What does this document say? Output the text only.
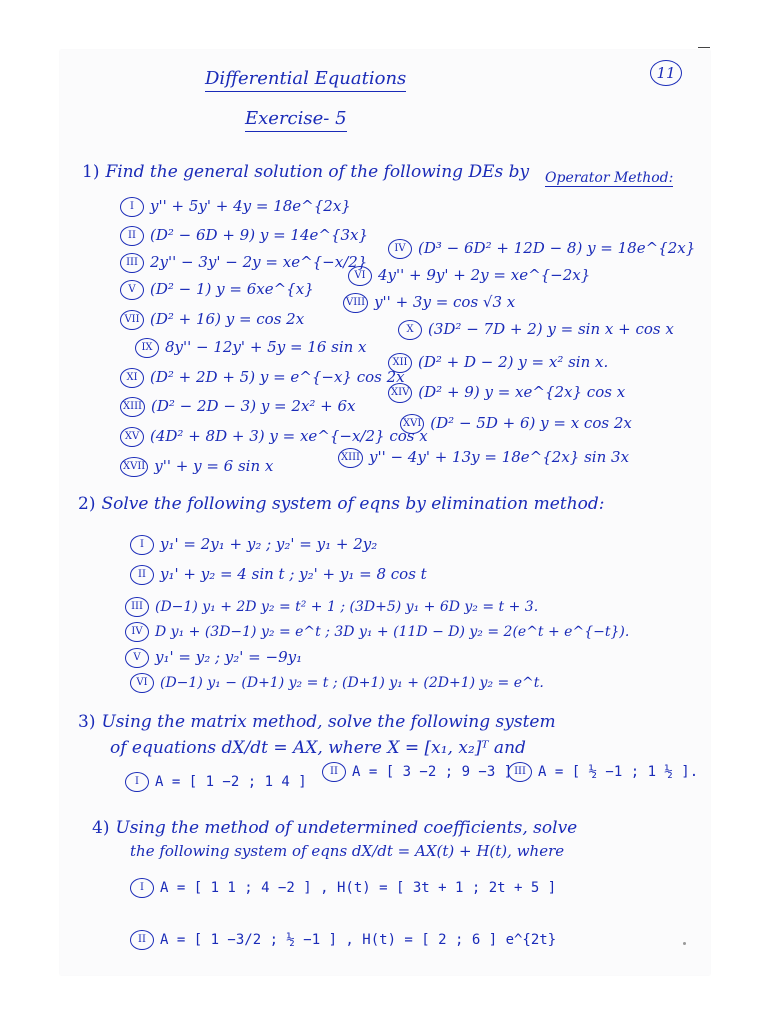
11
Differential Equations
Exercise- 5
1) Find the general solution of the following DEs by Operator Method:
I y'' + 5y' + 4y = 18e^{2x}
II (D² − 6D + 9) y = 14e^{3x}
III 2y'' − 3y' − 2y = xe^{−x/2}
IV (D³ − 6D² + 12D − 8) y = 18e^{2x}
V (D² − 1) y = 6xe^{x}
VI 4y'' + 9y' + 2y = xe^{−2x}
VII (D² + 16) y = cos 2x
VIII y'' + 3y = cos √3 x
IX 8y'' − 12y' + 5y = 16 sin x
X (3D² − 7D + 2) y = sin x + cos x
XI (D² + 2D + 5) y = e^{−x} cos 2x
XII (D² + D − 2) y = x² sin x.
XIII (D² − 2D − 3) y = 2x² + 6x
XIV (D² + 9) y = xe^{2x} cos x
XV (4D² + 8D + 3) y = xe^{−x/2} cos x
XVI (D² − 5D + 6) y = x cos 2x
XVII y'' + y = 6 sin x	XIII y'' − 4y' + 13y = 18e^{2x} sin 3x
2) Solve the following system of eqns by elimination method:
I y₁' = 2y₁ + y₂ ; y₂' = y₁ + 2y₂
II y₁' + y₂ = 4 sin t ; y₂' + y₁ = 8 cos t
III (D−1) y₁ + 2D y₂ = t² + 1 ; (3D+5) y₁ + 6D y₂ = t + 3.
IV D y₁ + (3D−1) y₂ = e^t ; 3D y₁ + (11D − D) y₂ = 2(e^t + e^{−t}).
V y₁' = y₂ ; y₂' = −9y₁
VI (D−1) y₁ − (D+1) y₂ = t ; (D+1) y₁ + (2D+1) y₂ = e^t.
3) Using the matrix method, solve the following system
of equations dX/dt = AX, where X = [x₁, x₂]ᵀ and
I A = [ 1 −2 ; 1 4 ]
II A = [ 3 −2 ; 9 −3 ] III A = [ ½ −1 ; 1 ½ ].
4) Using the method of undetermined coefficients, solve
the following system of eqns dX/dt = AX(t) + H(t), where
I A = [ 1 1 ; 4 −2 ] , H(t) = [ 3t + 1 ; 2t + 5 ]
II A = [ 1 −3/2 ; ½ −1 ] , H(t) = [ 2 ; 6 ] e^{2t}
